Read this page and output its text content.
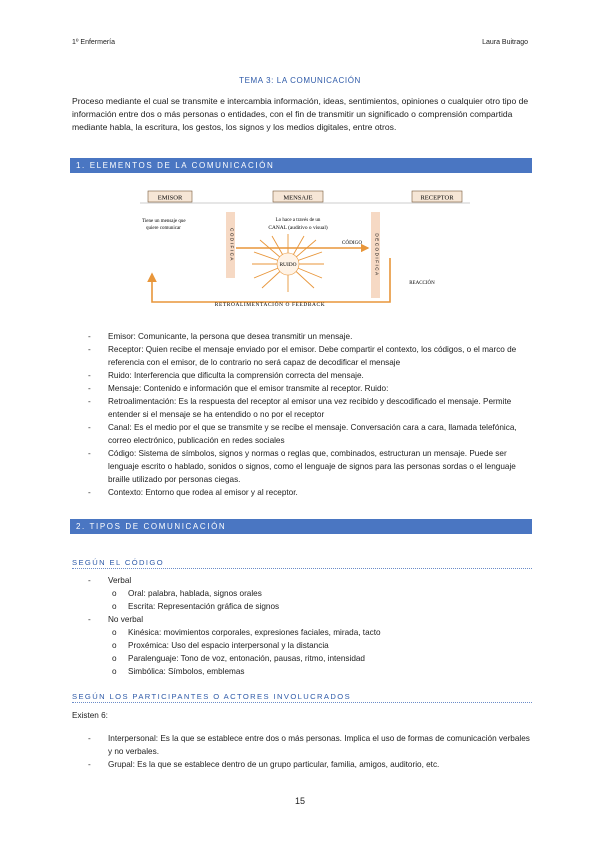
1º Enfermería	Laura Buitrago
TEMA 3: LA COMUNICACIÓN
Proceso mediante el cual se transmite e intercambia información, ideas, sentimientos, opiniones o cualquier otro tipo de información entre dos o más personas o entidades, con el fin de transmitir un significado o comprensión compartida mediante habla, la escritura, los gestos, los signos y los medios digitales, entre otros.
1. ELEMENTOS DE LA COMUNICACIÓN
EMISOR	MENSAJE	RECEPTOR
Tiene un mensaje que
quiere comunicar	CODIFICA	DECODIFICA
Lo hace a través de un
CANAL (auditivo o visual)
CÓDIGO
RUIDO
REACCIÓN
RETROALIMENTACIÓN O FEEDBACK
- Emisor: Comunicante, la persona que desea transmitir un mensaje.
- Receptor: Quien recibe el mensaje enviado por el emisor. Debe compartir el contexto, los códigos, o el marco de referencia con el emisor, de lo contrario no será capaz de decodificar el mensaje
- Ruido: Interferencia que dificulta la comprensión correcta del mensaje.
- Mensaje: Contenido e información que el emisor transmite al receptor. Ruido:
- Retroalimentación: Es la respuesta del receptor al emisor una vez recibido y descodificado el mensaje. Permite entender si el mensaje se ha entendido o no por el receptor
- Canal: Es el medio por el que se transmite y se recibe el mensaje. Conversación cara a cara, llamada telefónica, correo electrónico, publicación en redes sociales
- Código: Sistema de símbolos, signos y normas o reglas que, combinados, estructuran un mensaje. Puede ser lenguaje escrito o hablado, sonidos o signos, como el lenguaje de signos para las personas sordas o el lenguaje braille utilizado por personas ciegas.
- Contexto: Entorno que rodea al emisor y al receptor.
2. TIPOS DE COMUNICACIÓN
SEGÚN EL CÓDIGO
- Verbal
o Oral: palabra, hablada, signos orales
o Escrita: Representación gráfica de signos
- No verbal
o Kinésica: movimientos corporales, expresiones faciales, mirada, tacto
o Proxémica: Uso del espacio interpersonal y la distancia
o Paralenguaje: Tono de voz, entonación, pausas, ritmo, intensidad
o Simbólica: Símbolos, emblemas
SEGÚN LOS PARTICIPANTES O ACTORES INVOLUCRADOS
Existen 6:
- Interpersonal: Es la que se establece entre dos o más personas. Implica el uso de formas de comunicación verbales y no verbales.
- Grupal: Es la que se establece dentro de un grupo particular, familia, amigos, auditorio, etc.
15
